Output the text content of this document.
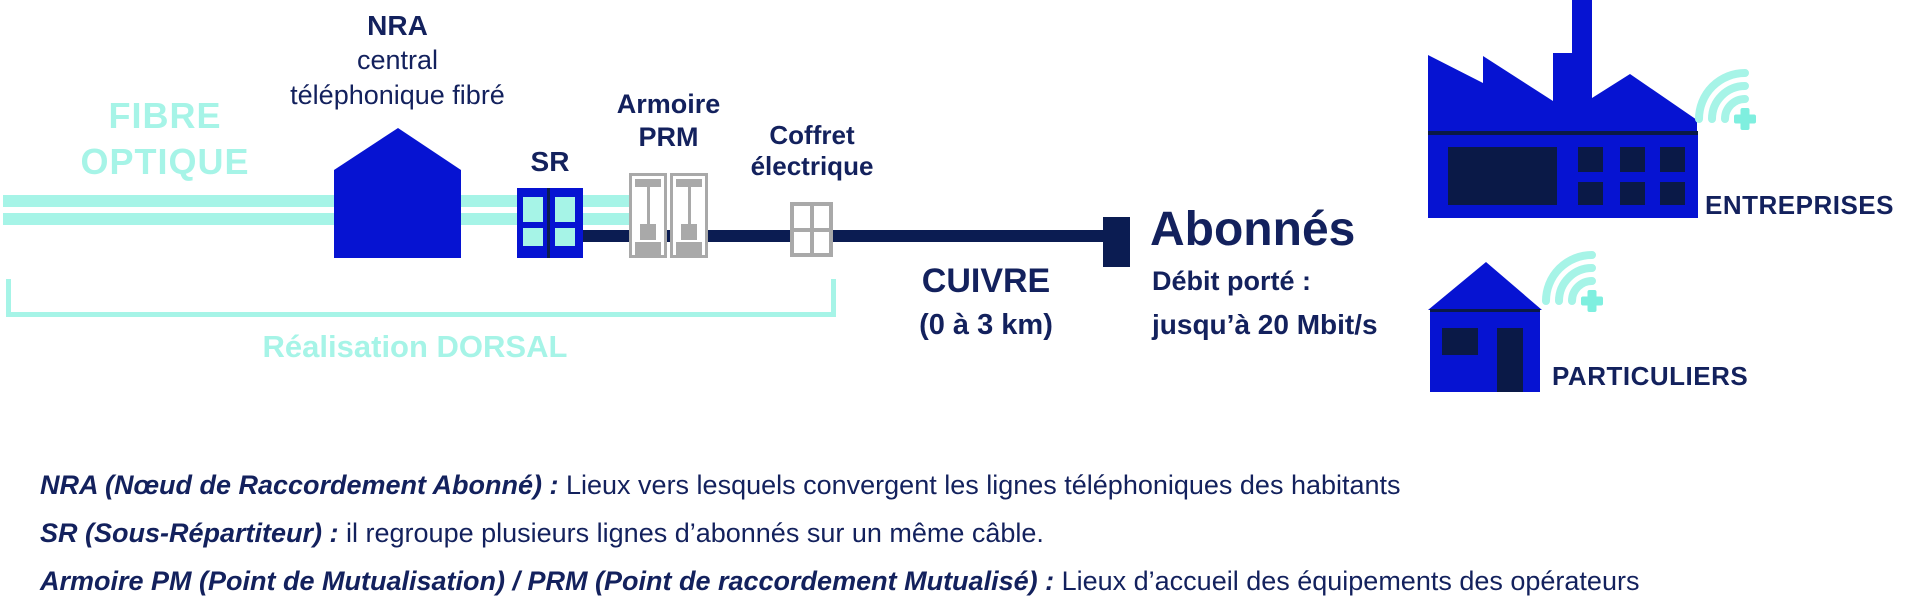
FIBRE
OPTIQUE
NRA
central
téléphonique fibré
SR
Armoire
PRM	Coffret
électrique
Réalisation DORSAL
CUIVRE
(0 à 3 km)
Abonnés
Débit porté :
jusqu’à 20 Mbit/s
ENTREPRISES
PARTICULIERS
NRA (Nœud de Raccordement Abonné) : Lieux vers lesquels convergent les lignes téléphoniques des habitants
SR (Sous-Répartiteur) : il regroupe plusieurs lignes d’abonnés sur un même câble.
Armoire PM (Point de Mutualisation) / PRM (Point de raccordement Mutualisé) : Lieux d’accueil des équipements des opérateurs
